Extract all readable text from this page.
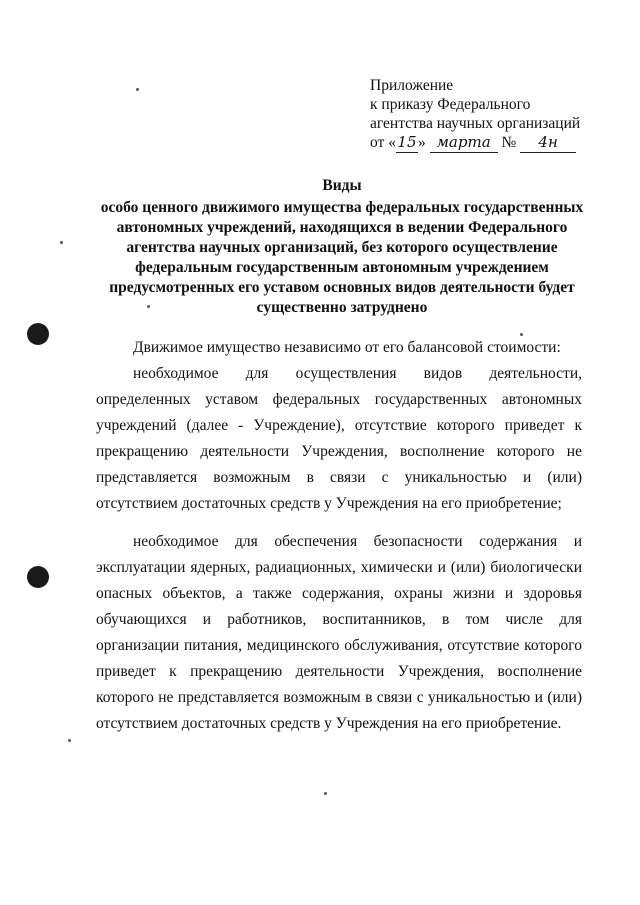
Приложение
к приказу Федерального
агентства научных организаций
от «15» марта № 4н
Виды
особо ценного движимого имущества федеральных государственных автономных учреждений, находящихся в ведении Федерального агентства научных организаций, без которого осуществление федеральным государственным автономным учреждением предусмотренных его уставом основных видов деятельности будет существенно затруднено

Движимое имущество независимо от его балансовой стоимости:

необходимое для осуществления видов деятельности, определенных уставом федеральных государственных автономных учреждений (далее - Учреждение), отсутствие которого приведет к прекращению деятельности Учреждения, восполнение которого не представляется возможным в связи с уникальностью и (или) отсутствием достаточных средств у Учреждения на его приобретение;

необходимое для обеспечения безопасности содержания и эксплуатации ядерных, радиационных, химически и (или) биологически опасных объектов, а также содержания, охраны жизни и здоровья обучающихся и работников, воспитанников, в том числе для организации питания, медицинского обслуживания, отсутствие которого приведет к прекращению деятельности Учреждения, восполнение которого не представляется возможным в связи с уникальностью и (или) отсутствием достаточных средств у Учреждения на его приобретение.
